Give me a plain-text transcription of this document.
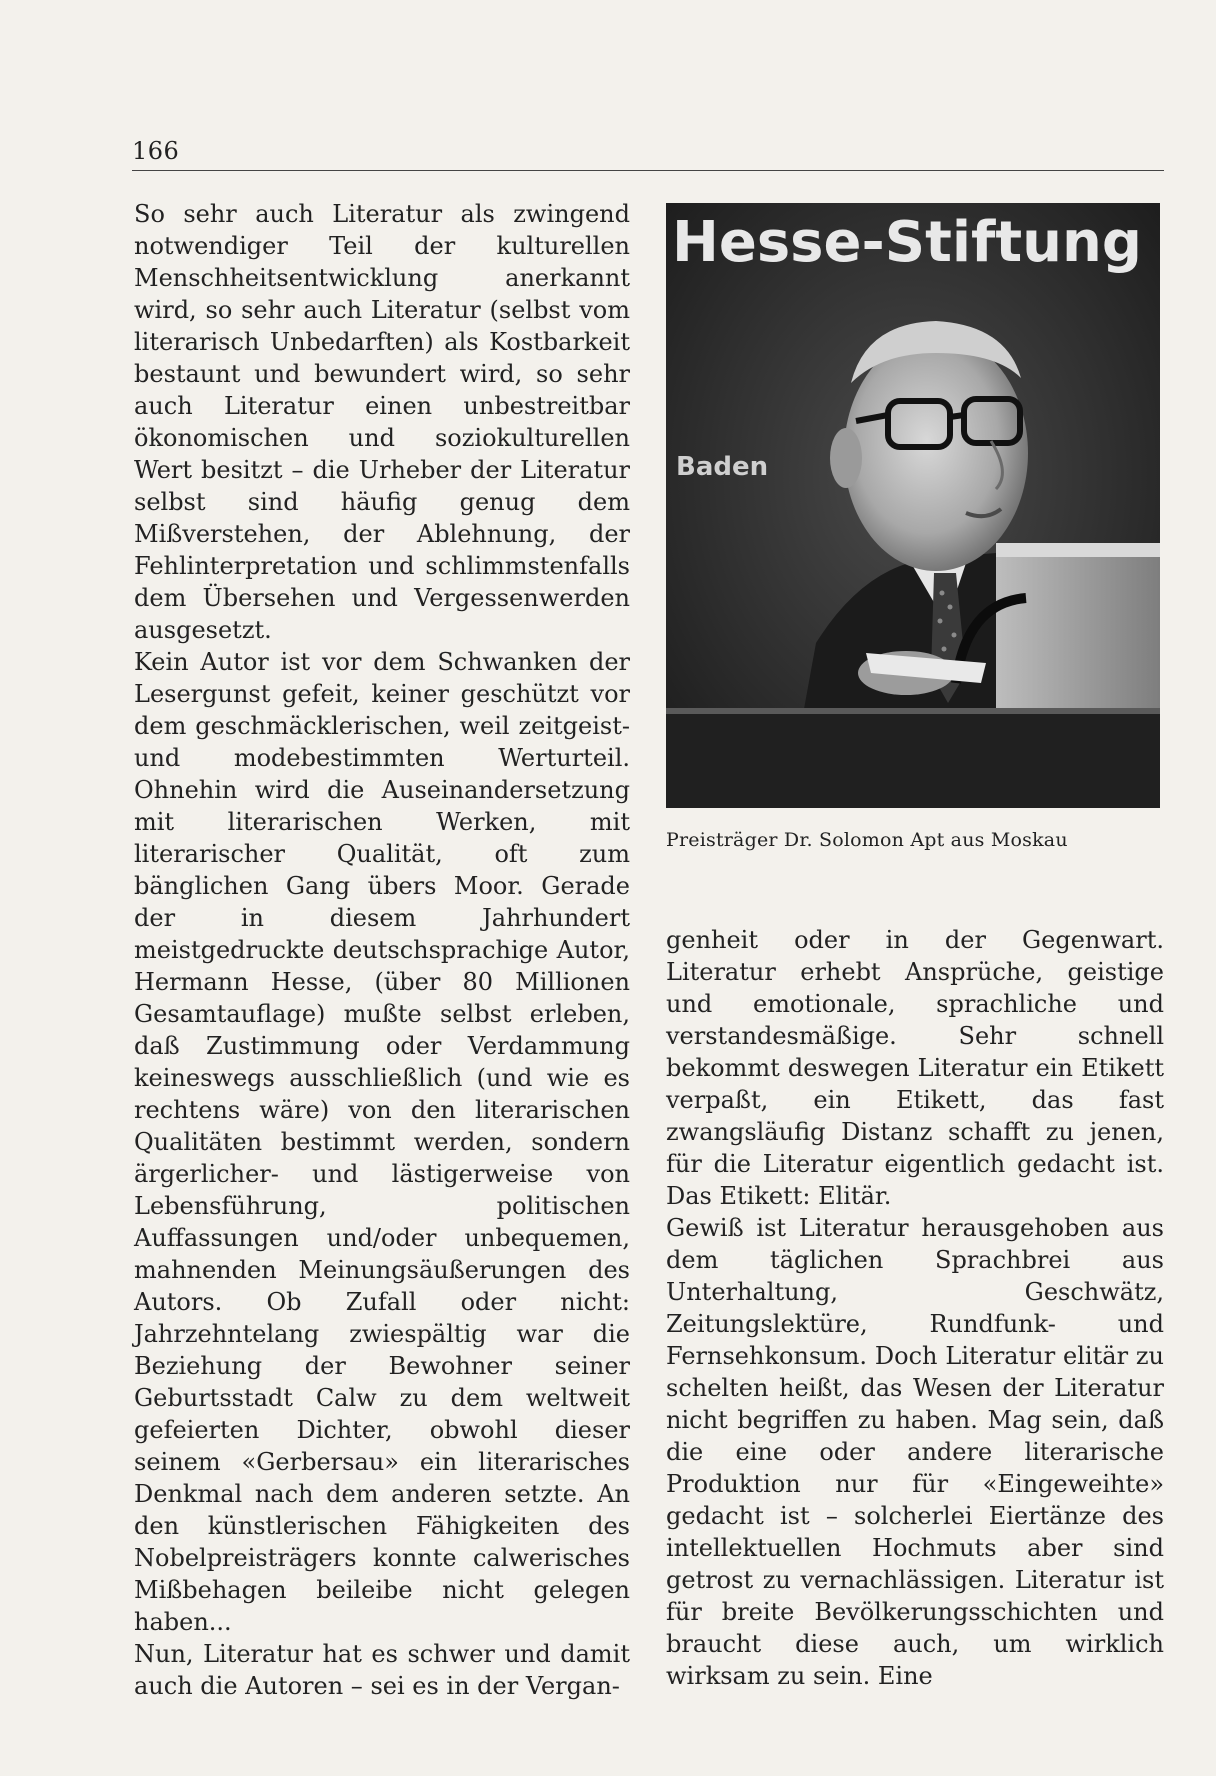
166

So sehr auch Literatur als zwingend notwendiger Teil der kulturellen Menschheitsentwicklung anerkannt wird, so sehr auch Literatur (selbst vom literarisch Unbedarften) als Kostbarkeit bestaunt und bewundert wird, so sehr auch Literatur einen unbestreitbar ökonomischen und soziokulturellen Wert besitzt – die Urheber der Literatur selbst sind häufig genug dem Mißverstehen, der Ablehnung, der Fehlinterpretation und schlimmstenfalls dem Übersehen und Vergessenwerden ausgesetzt.

Kein Autor ist vor dem Schwanken der Lesergunst gefeit, keiner geschützt vor dem geschmäcklerischen, weil zeitgeist- und modebestimmten Werturteil. Ohnehin wird die Auseinandersetzung mit literarischen Werken, mit literarischer Qualität, oft zum bänglichen Gang übers Moor. Gerade der in diesem Jahrhundert meistgedruckte deutschsprachige Autor, Hermann Hesse, (über 80 Millionen Gesamtauflage) mußte selbst erleben, daß Zustimmung oder Verdammung keineswegs ausschließlich (und wie es rechtens wäre) von den literarischen Qualitäten bestimmt werden, sondern ärgerlicher- und lästigerweise von Lebensführung, politischen Auffassungen und/oder unbequemen, mahnenden Meinungsäußerungen des Autors. Ob Zufall oder nicht: Jahrzehntelang zwiespältig war die Beziehung der Bewohner seiner Geburtsstadt Calw zu dem weltweit gefeierten Dichter, obwohl dieser seinem «Gerbersau» ein literarisches Denkmal nach dem anderen setzte. An den künstlerischen Fähigkeiten des Nobelpreisträgers konnte calwerisches Mißbehagen beileibe nicht gelegen haben...

Nun, Literatur hat es schwer und damit auch die Autoren – sei es in der Vergan-

Hesse-Stiftung
Baden
Preisträger Dr. Solomon Apt aus Moskau

genheit oder in der Gegenwart. Literatur erhebt Ansprüche, geistige und emotionale, sprachliche und verstandesmäßige. Sehr schnell bekommt deswegen Literatur ein Etikett verpaßt, ein Etikett, das fast zwangsläufig Distanz schafft zu jenen, für die Literatur eigentlich gedacht ist. Das Etikett: Elitär.

Gewiß ist Literatur herausgehoben aus dem täglichen Sprachbrei aus Unterhaltung, Geschwätz, Zeitungslektüre, Rundfunk- und Fernsehkonsum. Doch Literatur elitär zu schelten heißt, das Wesen der Literatur nicht begriffen zu haben. Mag sein, daß die eine oder andere literarische Produktion nur für «Eingeweihte» gedacht ist – solcherlei Eiertänze des intellektuellen Hochmuts aber sind getrost zu vernachlässigen. Literatur ist für breite Bevölkerungsschichten und braucht diese auch, um wirklich wirksam zu sein. Eine
